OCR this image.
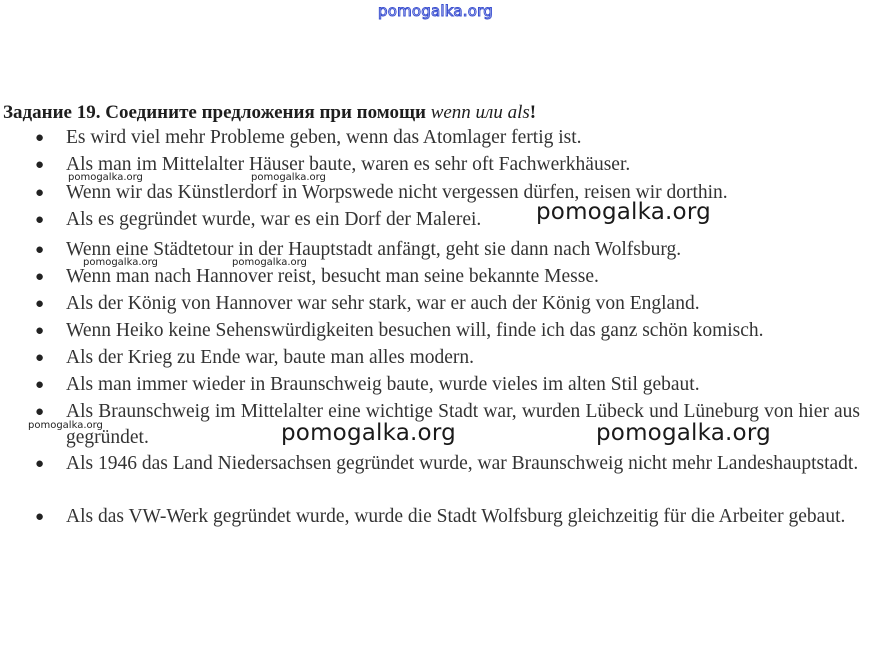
pomogalka.org
Задание 19. Соедините предложения при помощи wenn или als!
● Es wird viel mehr Probleme geben, wenn das Atomlager fertig ist.
● Als man im Mittelalter Häuser baute, waren es sehr oft Fachwerkhäuser.
● Wenn wir das Künstlerdorf in Worpswede nicht vergessen dürfen, reisen wir dorthin.
● Als es gegründet wurde, war es ein Dorf der Malerei.
● Wenn eine Städtetour in der Hauptstadt anfängt, geht sie dann nach Wolfsburg.
● Wenn man nach Hannover reist, besucht man seine bekannte Messe.
● Als der König von Hannover war sehr stark, war er auch der König von England.
● Wenn Heiko keine Sehenswürdigkeiten besuchen will, finde ich das ganz schön komisch.
● Als der Krieg zu Ende war, baute man alles modern.
● Als man immer wieder in Braunschweig baute, wurde vieles im alten Stil gebaut.
● Als Braunschweig im Mittelalter eine wichtige Stadt war, wurden Lübeck und Lüneburg von hier aus gegründet.
● Als 1946 das Land Niedersachsen gegründet wurde, war Braunschweig nicht mehr Landeshauptstadt.
● Als das VW-Werk gegründet wurde, wurde die Stadt Wolfsburg gleichzeitig für die Arbeiter gebaut.
pomogalka.org	pomogalka.org
pomogalka.org
pomogalka.org	pomogalka.org
pomogalka.org	pomogalka.org	pomogalka.org
